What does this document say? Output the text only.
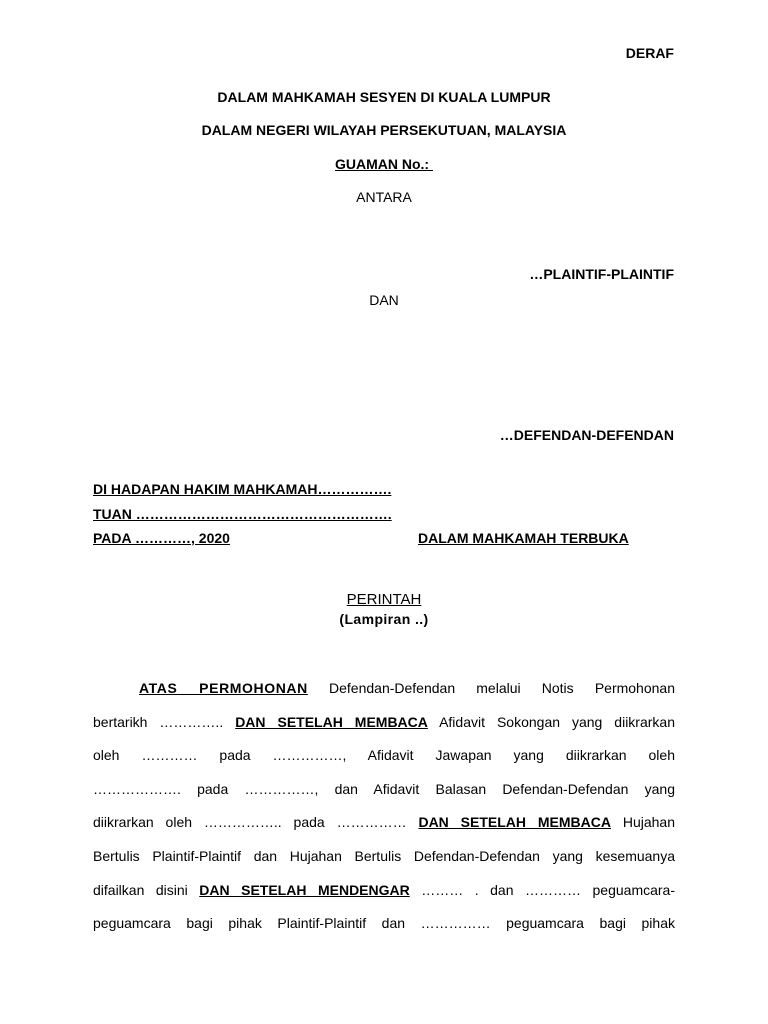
DERAF
DALAM MAHKAMAH SESYEN DI KUALA LUMPUR
DALAM NEGERI WILAYAH PERSEKUTUAN, MALAYSIA
GUAMAN No.:
ANTARA
…PLAINTIF-PLAINTIF
DAN
…DEFENDAN-DEFENDAN
DI HADAPAN HAKIM MAHKAMAH…………….
TUAN ……………………………………………….
PADA …………, 2020	DALAM MAHKAMAH TERBUKA
PERINTAH
(Lampiran ..)
ATAS PERMOHONAN Defendan-Defendan melalui Notis Permohonan
bertarikh ………….. DAN SETELAH MEMBACA Afidavit Sokongan yang diikrarkan
oleh ………… pada ……………, Afidavit Jawapan yang diikrarkan oleh
………………. pada ……………, dan Afidavit Balasan Defendan-Defendan yang
diikrarkan oleh …………….. pada …………… DAN SETELAH MEMBACA Hujahan
Bertulis Plaintif-Plaintif dan Hujahan Bertulis Defendan-Defendan yang kesemuanya
difailkan disini DAN SETELAH MENDENGAR ……… . dan ………… peguamcara-
peguamcara bagi pihak Plaintif-Plaintif dan …………… peguamcara bagi pihak
